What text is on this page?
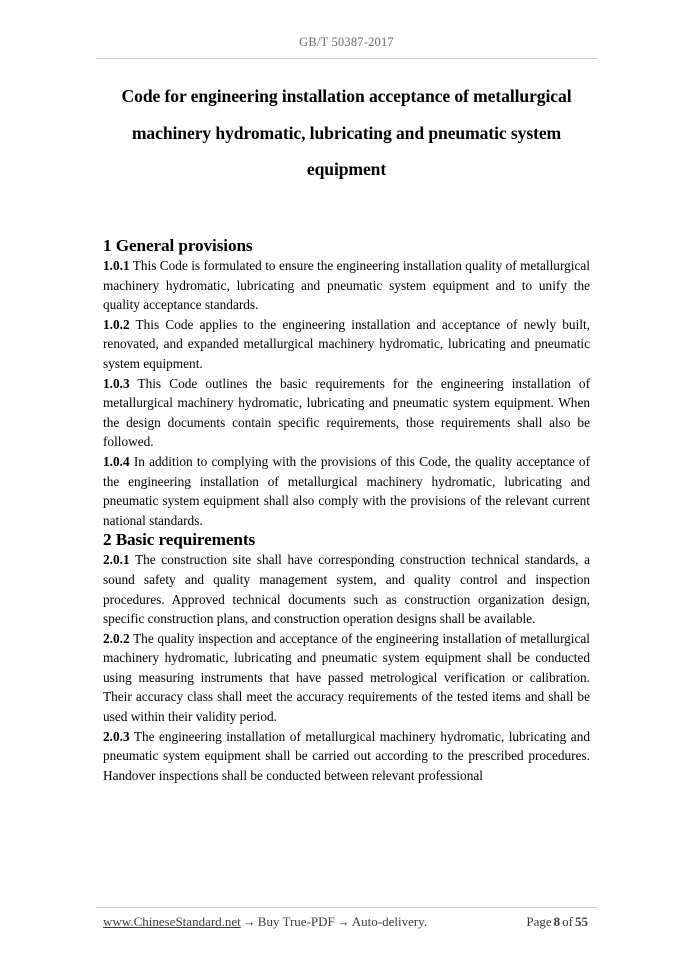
GB/T 50387-2017
Code for engineering installation acceptance of metallurgical
machinery hydromatic, lubricating and pneumatic system
equipment
1 General provisions

1.0.1 This Code is formulated to ensure the engineering installation quality of metallurgical machinery hydromatic, lubricating and pneumatic system equipment and to unify the quality acceptance standards.

1.0.2 This Code applies to the engineering installation and acceptance of newly built, renovated, and expanded metallurgical machinery hydromatic, lubricating and pneumatic system equipment.

1.0.3 This Code outlines the basic requirements for the engineering installation of metallurgical machinery hydromatic, lubricating and pneumatic system equipment. When the design documents contain specific requirements, those requirements shall also be followed.

1.0.4 In addition to complying with the provisions of this Code, the quality acceptance of the engineering installation of metallurgical machinery hydromatic, lubricating and pneumatic system equipment shall also comply with the provisions of the relevant current national standards.

2 Basic requirements

2.0.1 The construction site shall have corresponding construction technical standards, a sound safety and quality management system, and quality control and inspection procedures. Approved technical documents such as construction organization design, specific construction plans, and construction operation designs shall be available.

2.0.2 The quality inspection and acceptance of the engineering installation of metallurgical machinery hydromatic, lubricating and pneumatic system equipment shall be conducted using measuring instruments that have passed metrological verification or calibration. Their accuracy class shall meet the accuracy requirements of the tested items and shall be used within their validity period.

2.0.3 The engineering installation of metallurgical machinery hydromatic, lubricating and pneumatic system equipment shall be carried out according to the prescribed procedures. Handover inspections shall be conducted between relevant professional

www.ChineseStandard.net → Buy True-PDF → Auto-delivery.	Page 8 of 55
